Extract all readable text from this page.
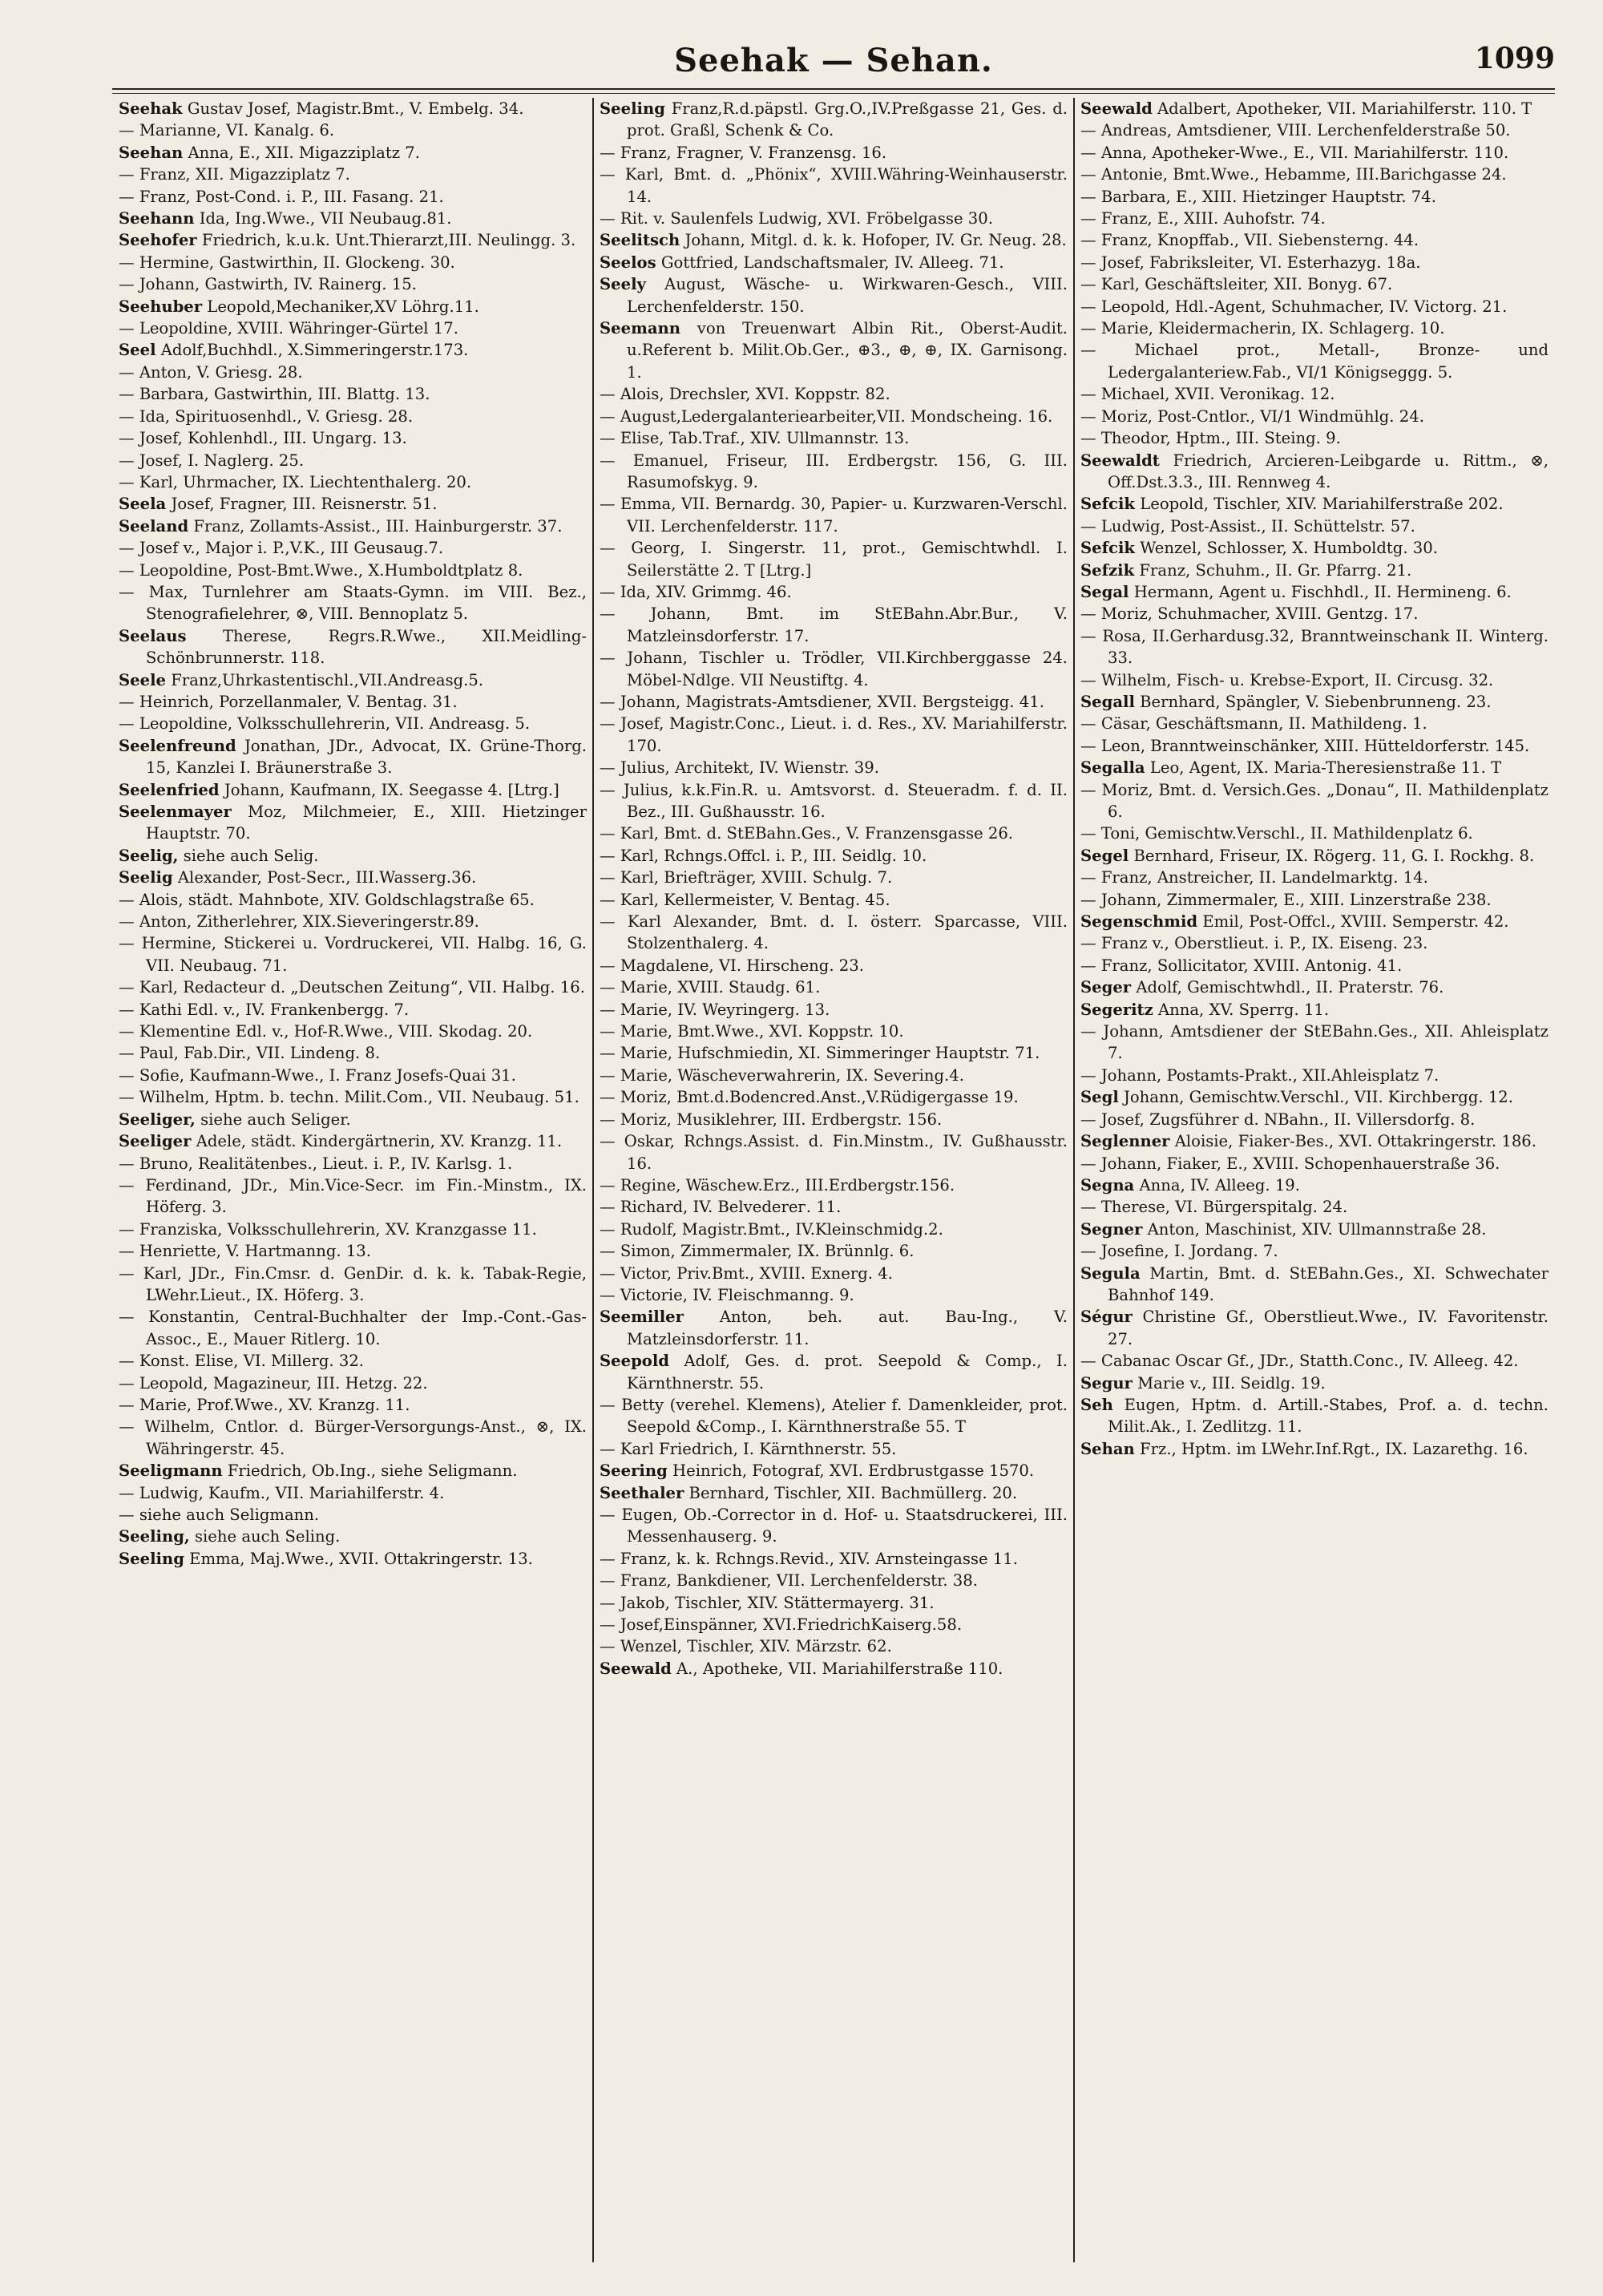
Seehak — Sehan.	1099
Seehak Gustav Josef, Magistr.Bmt., V. Embelg. 34.
— Marianne, VI. Kanalg. 6.
Seehan Anna, E., XII. Migazziplatz 7.
— Franz, XII. Migazziplatz 7.
— Franz, Post-Cond. i. P., III. Fasang. 21.
Seehann Ida, Ing.Wwe., VII Neubaug.81.
Seehofer Friedrich, k.u.k. Unt.Thierarzt,III. Neulingg. 3.
— Hermine, Gastwirthin, II. Glockeng. 30.
— Johann, Gastwirth, IV. Rainerg. 15.
Seehuber Leopold,Mechaniker,XV Löhrg.11.
— Leopoldine, XVIII. Währinger-Gürtel 17.
Seel Adolf,Buchhdl., X.Simmeringerstr.173.
— Anton, V. Griesg. 28.
— Barbara, Gastwirthin, III. Blattg. 13.
— Ida, Spirituosenhdl., V. Griesg. 28.
— Josef, Kohlenhdl., III. Ungarg. 13.
— Josef, I. Naglerg. 25.
— Karl, Uhrmacher, IX. Liechtenthalerg. 20.
Seela Josef, Fragner, III. Reisnerstr. 51.
Seeland Franz, Zollamts-Assist., III. Hainburgerstr. 37.
— Josef v., Major i. P.,V.K., III Geusaug.7.
— Leopoldine, Post-Bmt.Wwe., X.Humboldtplatz 8.
— Max, Turnlehrer am Staats-Gymn. im VIII. Bez., Stenografielehrer, ⊗, VIII. Bennoplatz 5.
Seelaus Therese, Regrs.R.Wwe., XII.Meidling-Schönbrunnerstr. 118.
Seele Franz,Uhrkastentischl.,VII.Andreasg.5.
— Heinrich, Porzellanmaler, V. Bentag. 31.
— Leopoldine, Volksschullehrerin, VII. Andreasg. 5.
Seelenfreund Jonathan, JDr., Advocat, IX. Grüne-Thorg. 15, Kanzlei I. Bräunerstraße 3.
Seelenfried Johann, Kaufmann, IX. Seegasse 4. [Ltrg.]
Seelenmayer Moz, Milchmeier, E., XIII. Hietzinger Hauptstr. 70.
Seelig, siehe auch Selig.
Seelig Alexander, Post-Secr., III.Wasserg.36.
— Alois, städt. Mahnbote, XIV. Goldschlagstraße 65.
— Anton, Zitherlehrer, XIX.Sieveringerstr.89.
— Hermine, Stickerei u. Vordruckerei, VII. Halbg. 16, G. VII. Neubaug. 71.
— Karl, Redacteur d. „Deutschen Zeitung“, VII. Halbg. 16.
— Kathi Edl. v., IV. Frankenbergg. 7.
— Klementine Edl. v., Hof-R.Wwe., VIII. Skodag. 20.
— Paul, Fab.Dir., VII. Lindeng. 8.
— Sofie, Kaufmann-Wwe., I. Franz Josefs-Quai 31.
— Wilhelm, Hptm. b. techn. Milit.Com., VII. Neubaug. 51.
Seeliger, siehe auch Seliger.
Seeliger Adele, städt. Kindergärtnerin, XV. Kranzg. 11.
— Bruno, Realitätenbes., Lieut. i. P., IV. Karlsg. 1.
— Ferdinand, JDr., Min.Vice-Secr. im Fin.-Minstm., IX. Höferg. 3.
— Franziska, Volksschullehrerin, XV. Kranzgasse 11.
— Henriette, V. Hartmanng. 13.
— Karl, JDr., Fin.Cmsr. d. GenDir. d. k. k. Tabak-Regie, LWehr.Lieut., IX. Höferg. 3.
— Konstantin, Central-Buchhalter der Imp.-Cont.-Gas-Assoc., E., Mauer Ritlerg. 10.
— Konst. Elise, VI. Millerg. 32.
— Leopold, Magazineur, III. Hetzg. 22.
— Marie, Prof.Wwe., XV. Kranzg. 11.
— Wilhelm, Cntlor. d. Bürger-Versorgungs-Anst., ⊗, IX. Währingerstr. 45.
Seeligmann Friedrich, Ob.Ing., siehe Seligmann.
— Ludwig, Kaufm., VII. Mariahilferstr. 4.
— siehe auch Seligmann.
Seeling, siehe auch Seling.
Seeling Emma, Maj.Wwe., XVII. Ottakringerstr. 13.
Seeling Franz,R.d.päpstl. Grg.O.,IV.Preßgasse 21, Ges. d. prot. Graßl, Schenk & Co.
— Franz, Fragner, V. Franzensg. 16.
— Karl, Bmt. d. „Phönix“, XVIII.Währing-Weinhauserstr. 14.
— Rit. v. Saulenfels Ludwig, XVI. Fröbelgasse 30.
Seelitsch Johann, Mitgl. d. k. k. Hofoper, IV. Gr. Neug. 28.
Seelos Gottfried, Landschaftsmaler, IV. Alleeg. 71.
Seely August, Wäsche- u. Wirkwaren-Gesch., VIII. Lerchenfelderstr. 150.
Seemann von Treuenwart Albin Rit., Oberst-Audit. u.Referent b. Milit.Ob.Ger., ⊕3., ⊕, ⊕, IX. Garnisong. 1.
— Alois, Drechsler, XVI. Koppstr. 82.
— August,Ledergalanteriearbeiter,VII. Mondscheing. 16.
— Elise, Tab.Traf., XIV. Ullmannstr. 13.
— Emanuel, Friseur, III. Erdbergstr. 156, G. III. Rasumofskyg. 9.
— Emma, VII. Bernardg. 30, Papier- u. Kurzwaren-Verschl. VII. Lerchenfelderstr. 117.
— Georg, I. Singerstr. 11, prot., Gemischtwhdl. I. Seilerstätte 2. T [Ltrg.]
— Ida, XIV. Grimmg. 46.
— Johann, Bmt. im StEBahn.Abr.Bur., V. Matzleinsdorferstr. 17.
— Johann, Tischler u. Trödler, VII.Kirchberggasse 24. Möbel-Ndlge. VII Neustiftg. 4.
— Johann, Magistrats-Amtsdiener, XVII. Bergsteigg. 41.
— Josef, Magistr.Conc., Lieut. i. d. Res., XV. Mariahilferstr. 170.
— Julius, Architekt, IV. Wienstr. 39.
— Julius, k.k.Fin.R. u. Amtsvorst. d. Steueradm. f. d. II. Bez., III. Gußhausstr. 16.
— Karl, Bmt. d. StEBahn.Ges., V. Franzensgasse 26.
— Karl, Rchngs.Offcl. i. P., III. Seidlg. 10.
— Karl, Briefträger, XVIII. Schulg. 7.
— Karl, Kellermeister, V. Bentag. 45.
— Karl Alexander, Bmt. d. I. österr. Sparcasse, VIII. Stolzenthalerg. 4.
— Magdalene, VI. Hirscheng. 23.
— Marie, XVIII. Staudg. 61.
— Marie, IV. Weyringerg. 13.
— Marie, Bmt.Wwe., XVI. Koppstr. 10.
— Marie, Hufschmiedin, XI. Simmeringer Hauptstr. 71.
— Marie, Wäscheverwahrerin, IX. Severing.4.
— Moriz, Bmt.d.Bodencred.Anst.,V.Rüdigergasse 19.
— Moriz, Musiklehrer, III. Erdbergstr. 156.
— Oskar, Rchngs.Assist. d. Fin.Minstm., IV. Gußhausstr. 16.
— Regine, Wäschew.Erz., III.Erdbergstr.156.
— Richard, IV. Belvederег. 11.
— Rudolf, Magistr.Bmt., IV.Kleinschmidg.2.
— Simon, Zimmermaler, IX. Brünnlg. 6.
— Victor, Priv.Bmt., XVIII. Exnerg. 4.
— Victorie, IV. Fleischmanng. 9.
Seemiller Anton, beh. aut. Bau-Ing., V. Matzleinsdorferstr. 11.
Seepold Adolf, Ges. d. prot. Seepold & Comp., I. Kärnthnerstr. 55.
— Betty (verehel. Klemens), Atelier f. Damenkleider, prot. Seepold &Comp., I. Kärnthnerstraße 55. T
— Karl Friedrich, I. Kärnthnerstr. 55.
Seering Heinrich, Fotograf, XVI. Erdbrustgasse 1570.
Seethaler Bernhard, Tischler, XII. Bachmüllerg. 20.
— Eugen, Ob.-Corrector in d. Hof- u. Staatsdruckerei, III. Messenhauserg. 9.
— Franz, k. k. Rchngs.Revid., XIV. Arnsteingasse 11.
— Franz, Bankdiener, VII. Lerchenfelderstr. 38.
— Jakob, Tischler, XIV. Stättermayerg. 31.
— Josef,Einspänner, XVI.FriedrichKaiserg.58.
— Wenzel, Tischler, XIV. Märzstr. 62.
Seewald A., Apotheke, VII. Mariahilferstraße 110.
Seewald Adalbert, Apotheker, VII. Mariahilferstr. 110. T
— Andreas, Amtsdiener, VIII. Lerchenfelderstraße 50.
— Anna, Apotheker-Wwe., E., VII. Mariahilferstr. 110.
— Antonie, Bmt.Wwe., Hebamme, III.Barichgasse 24.
— Barbara, E., XIII. Hietzinger Hauptstr. 74.
— Franz, E., XIII. Auhofstr. 74.
— Franz, Knopffab., VII. Siebensterng. 44.
— Josef, Fabriksleiter, VI. Esterhazyg. 18a.
— Karl, Geschäftsleiter, XII. Bonyg. 67.
— Leopold, Hdl.-Agent, Schuhmacher, IV. Victorg. 21.
— Marie, Kleidermacherin, IX. Schlagerg. 10.
— Michael prot., Metall-, Bronze- und Ledergalanteriew.Fab., VI/1 Königseggg. 5.
— Michael, XVII. Veronikag. 12.
— Moriz, Post-Cntlor., VI/1 Windmühlg. 24.
— Theodor, Hptm., III. Steing. 9.
Seewaldt Friedrich, Arcieren-Leibgarde u. Rittm., ⊗, Off.Dst.3.3., III. Rennweg 4.
Sefcik Leopold, Tischler, XIV. Mariahilferstraße 202.
— Ludwig, Post-Assist., II. Schüttelstr. 57.
Sefcik Wenzel, Schlosser, X. Humboldtg. 30.
Sefzik Franz, Schuhm., II. Gr. Pfarrg. 21.
Segal Hermann, Agent u. Fischhdl., II. Hermineng. 6.
— Moriz, Schuhmacher, XVIII. Gentzg. 17.
— Rosa, II.Gerhardusg.32, Branntweinschank II. Winterg. 33.
— Wilhelm, Fisch- u. Krebse-Export, II. Circusg. 32.
Segall Bernhard, Spängler, V. Siebenbrunneng. 23.
— Cäsar, Geschäftsmann, II. Mathildeng. 1.
— Leon, Branntweinschänker, XIII. Hütteldorferstr. 145.
Segalla Leo, Agent, IX. Maria-Theresienstraße 11. T
— Moriz, Bmt. d. Versich.Ges. „Donau“, II. Mathildenplatz 6.
— Toni, Gemischtw.Verschl., II. Mathildenplatz 6.
Segel Bernhard, Friseur, IX. Rögerg. 11, G. I. Rockhg. 8.
— Franz, Anstreicher, II. Landelmarktg. 14.
— Johann, Zimmermaler, E., XIII. Linzerstraße 238.
Segenschmid Emil, Post-Offcl., XVIII. Semperstr. 42.
— Franz v., Oberstlieut. i. P., IX. Eiseng. 23.
— Franz, Sollicitator, XVIII. Antonig. 41.
Seger Adolf, Gemischtwhdl., II. Praterstr. 76.
Segeritz Anna, XV. Sperrg. 11.
— Johann, Amtsdiener der StEBahn.Ges., XII. Ahleisplatz 7.
— Johann, Postamts-Prakt., XII.Ahleisplatz 7.
Segl Johann, Gemischtw.Verschl., VII. Kirchbergg. 12.
— Josef, Zugsführer d. NBahn., II. Villersdorfg. 8.
Seglenner Aloisie, Fiaker-Bes., XVI. Ottakringerstr. 186.
— Johann, Fiaker, E., XVIII. Schopenhauerstraße 36.
Segna Anna, IV. Alleeg. 19.
— Therese, VI. Bürgerspitalg. 24.
Segner Anton, Maschinist, XIV. Ullmannstraße 28.
— Josefine, I. Jordang. 7.
Segula Martin, Bmt. d. StEBahn.Ges., XI. Schwechater Bahnhof 149.
Ségur Christine Gf., Oberstlieut.Wwe., IV. Favoritenstr. 27.
— Cabanac Oscar Gf., JDr., Statth.Conc., IV. Alleeg. 42.
Segur Marie v., III. Seidlg. 19.
Seh Eugen, Hptm. d. Artill.-Stabes, Prof. a. d. techn. Milit.Ak., I. Zedlitzg. 11.
Sehan Frz., Hptm. im LWehr.Inf.Rgt., IX. Lazarethg. 16.
